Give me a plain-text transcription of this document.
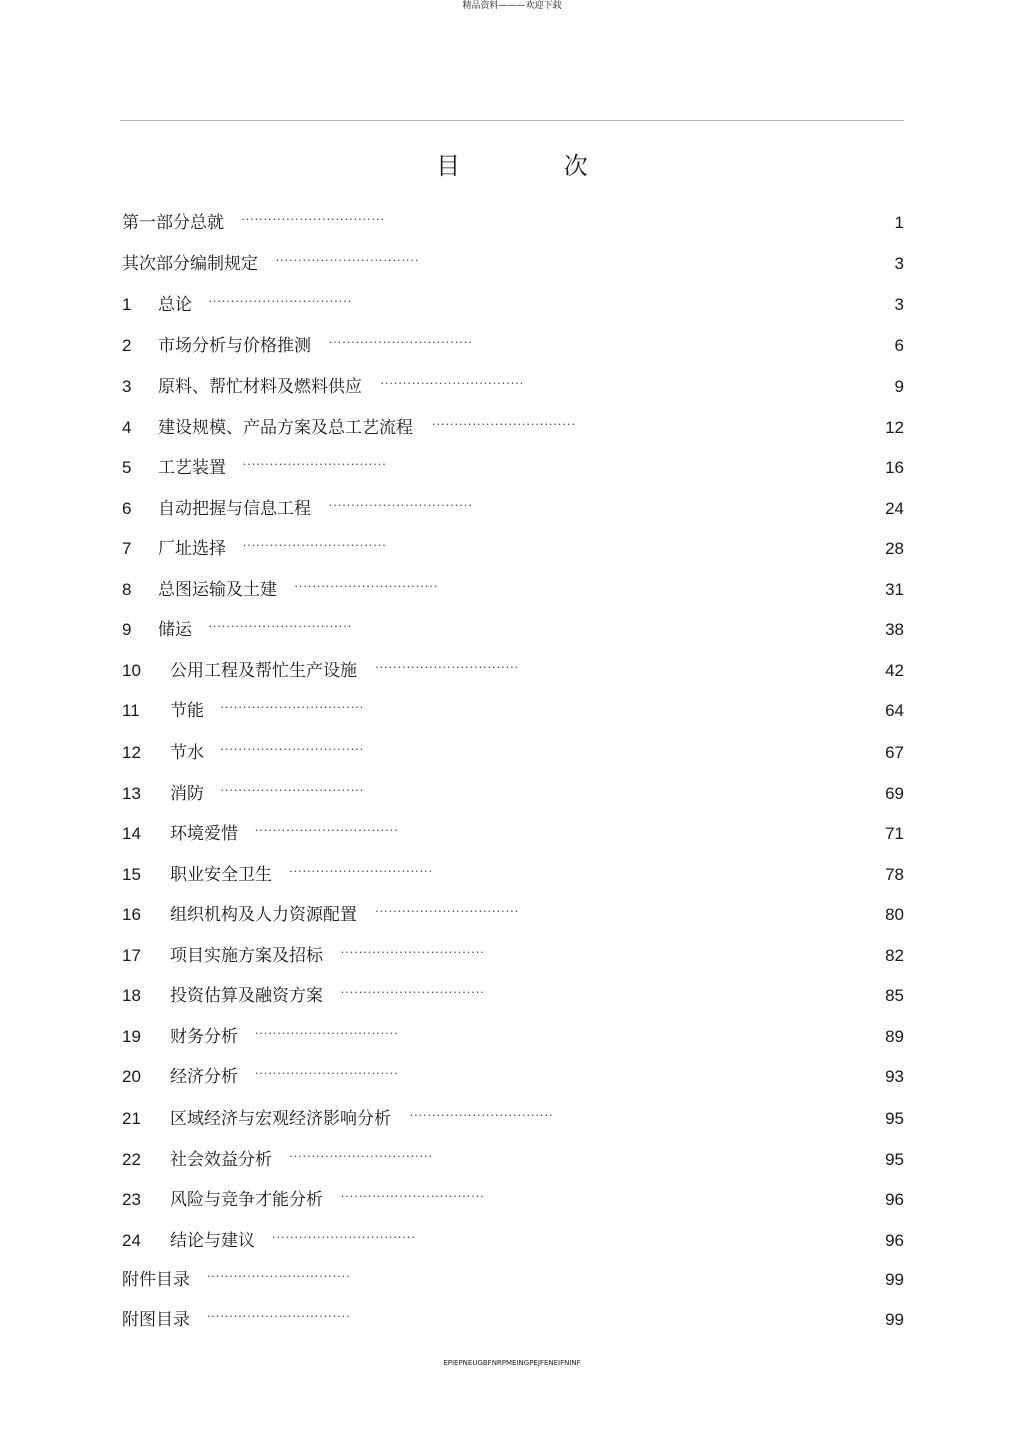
精品资料———欢迎下载
目 次
第一部分总就 ································	1
其次部分编制规定 ································	3
1 总论 ································	3
2 市场分析与价格推测 ································	6
3 原料、帮忙材料及燃料供应 ································	9
4 建设规模、产品方案及总工艺流程 ································	12
5 工艺装置 ································	16
6 自动把握与信息工程 ································	24
7 厂址选择 ································	28
8 总图运输及土建 ································	31
9 储运 ································	38
10 公用工程及帮忙生产设施 ································	42
11 节能 ································	64
12 节水 ································	67
13 消防 ································	69
14 环境爱惜 ································	71
15 职业安全卫生 ································	78
16 组织机构及人力资源配置 ································	80
17 项目实施方案及招标 ································	82
18 投资估算及融资方案 ································	85
19 财务分析 ································	89
20 经济分析 ································	93
21 区域经济与宏观经济影响分析 ································	95
22 社会效益分析 ································	95
23 风险与竞争才能分析 ································	96
24 结论与建议 ································	96
附件目录 ································	99
附图目录 ································	99
EPIEPNEUGBFNRPMEINGPEJFENEIFNINF
